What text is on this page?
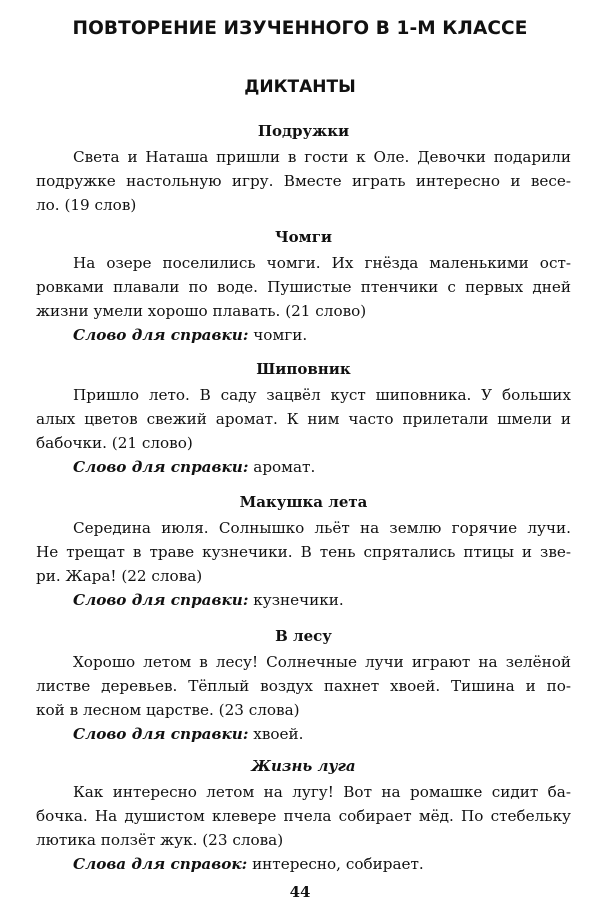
ПОВТОРЕНИЕ ИЗУЧЕННОГО В 1-М КЛАССЕ
ДИКТАНТЫ
Подружки
Света и Наташа пришли в гости к Оле. Девочки подарили
подружке настольную игру. Вместе играть интересно и весе-
ло. (19 слов)
Чомги
На озере поселились чомги. Их гнёзда маленькими ост-
ровками плавали по воде. Пушистые птенчики с первых дней
жизни умели хорошо плавать. (21 слово)
Слово для справки: чомги.
Шиповник
Пришло лето. В саду зацвёл куст шиповника. У больших
алых цветов свежий аромат. К ним часто прилетали шмели и
бабочки. (21 слово)
Слово для справки: аромат.
Макушка лета
Середина июля. Солнышко льёт на землю горячие лучи.
Не трещат в траве кузнечики. В тень спрятались птицы и зве-
ри. Жара! (22 слова)
Слово для справки: кузнечики.
В лесу
Хорошо летом в лесу! Солнечные лучи играют на зелёной
листве деревьев. Тёплый воздух пахнет хвоей. Тишина и по-
кой в лесном царстве. (23 слова)
Слово для справки: хвоей.
Жизнь луга
Как интересно летом на лугу! Вот на ромашке сидит ба-
бочка. На душистом клевере пчела собирает мёд. По стебельку
лютика ползёт жук. (23 слова)
Слова для справок: интересно, собирает.
44
